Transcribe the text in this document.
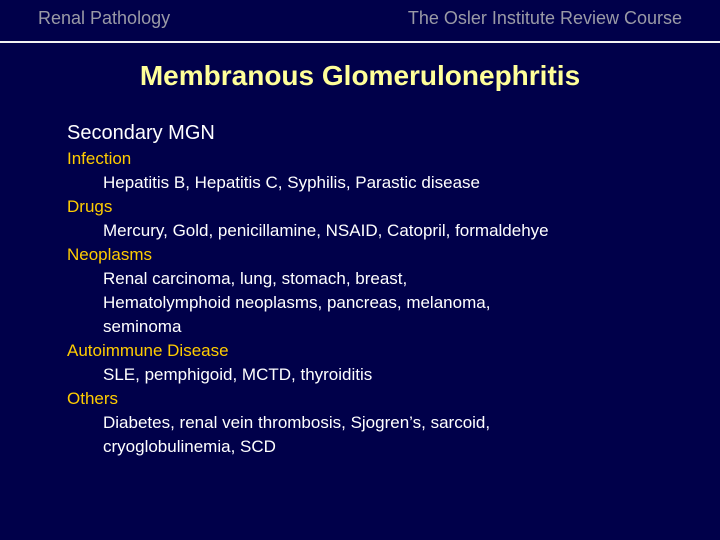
Renal Pathology	The Osler Institute Review Course
Membranous Glomerulonephritis
Secondary MGN
Infection
Hepatitis B, Hepatitis C, Syphilis, Parastic disease
Drugs
Mercury, Gold, penicillamine, NSAID, Catopril, formaldehye
Neoplasms
Renal carcinoma, lung, stomach, breast,
Hematolymphoid neoplasms, pancreas, melanoma,
seminoma
Autoimmune Disease
SLE, pemphigoid, MCTD, thyroiditis
Others
Diabetes, renal vein thrombosis, Sjogren’s, sarcoid,
cryoglobulinemia, SCD
